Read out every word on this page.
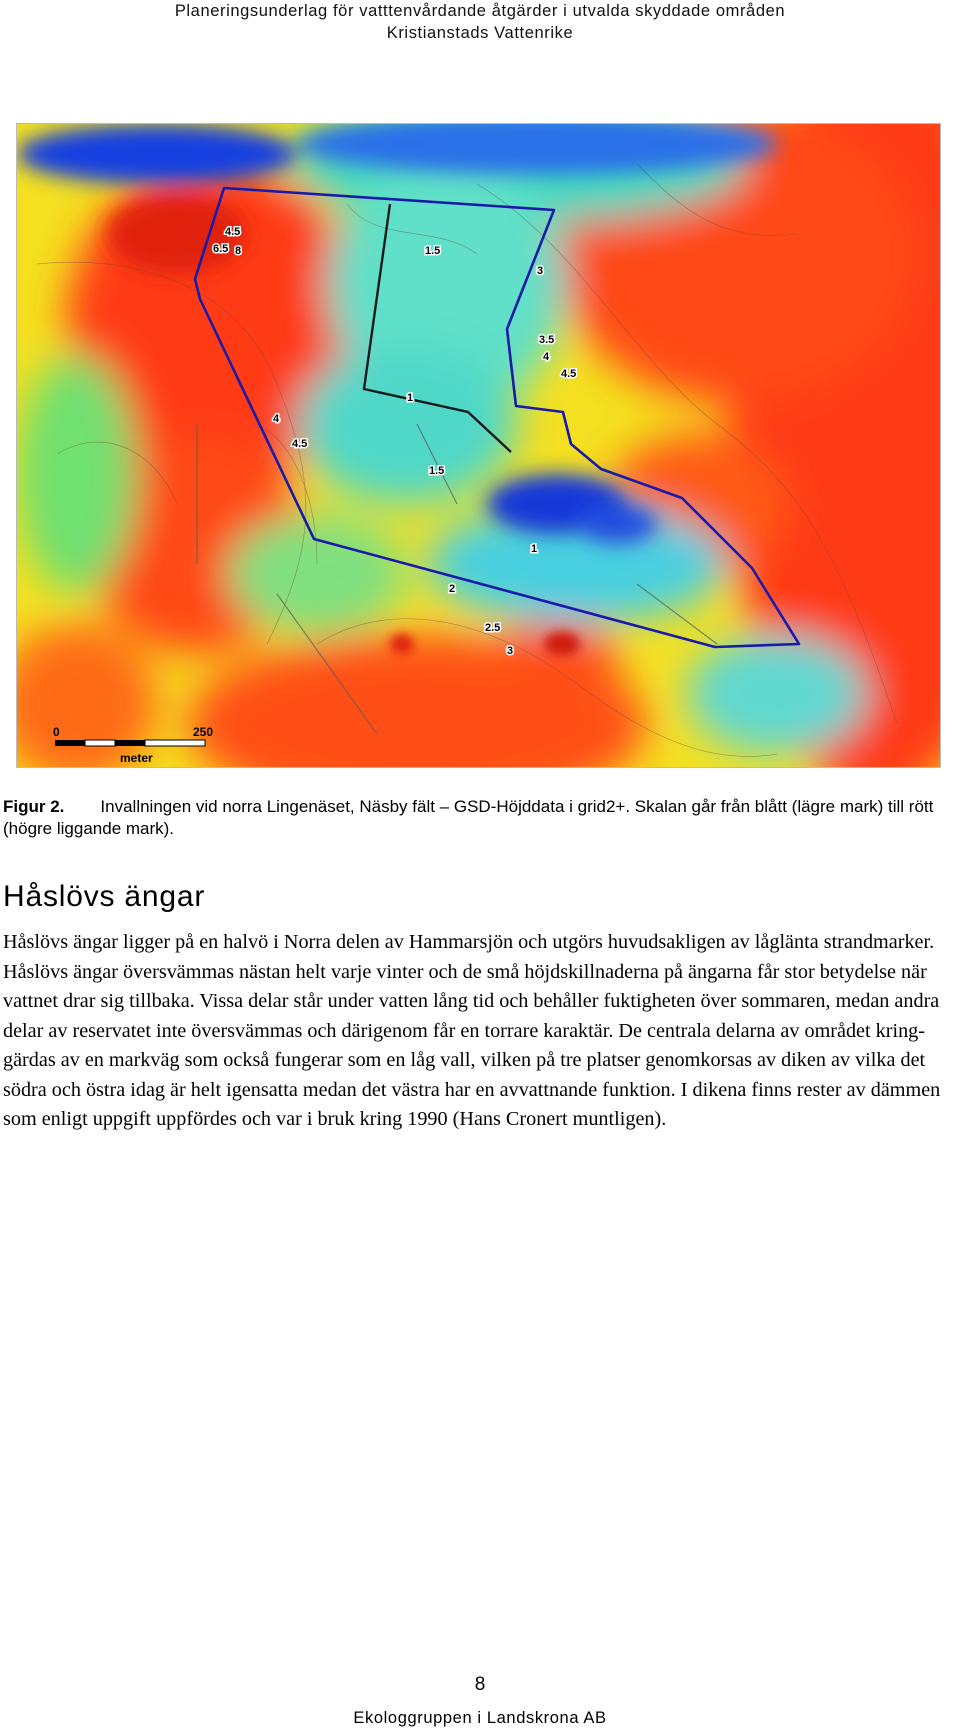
Planeringsunderlag för vatttenvårdande åtgärder i utvalda skyddade områden
Kristianstads Vattenrike
4.5
6.5 8	1.5
3
3.5
4
4.5
1
4
4.5
1.5
1
2
2.5
3
0	250
meter
Figur 2. Invallningen vid norra Lingenäset, Näsby fält – GSD-Höjddata i grid2+. Skalan går från blått (lägre mark) till rött (högre liggande mark).
Håslövs ängar

Håslövs ängar ligger på en halvö i Norra delen av Hammarsjön och utgörs huvudsakligen av låglänta strandmarker. Håslövs ängar översvämmas nästan helt varje vinter och de små höjdskillnaderna på ängarna får stor betydelse när vattnet drar sig tillbaka. Vissa delar står under vatten lång tid och behåller fuktigheten över sommaren, medan andra delar av reservatet inte översvämmas och därigenom får en torrare karaktär. De centrala delarna av området kring-gärdas av en markväg som också fungerar som en låg vall, vilken på tre platser genomkorsas av diken av vilka det södra och östra idag är helt igensatta medan det västra har en avvattnande funktion. I dikena finns rester av dämmen som enligt uppgift uppfördes och var i bruk kring 1990 (Hans Cronert muntligen).

8
Ekologgruppen i Landskrona AB
